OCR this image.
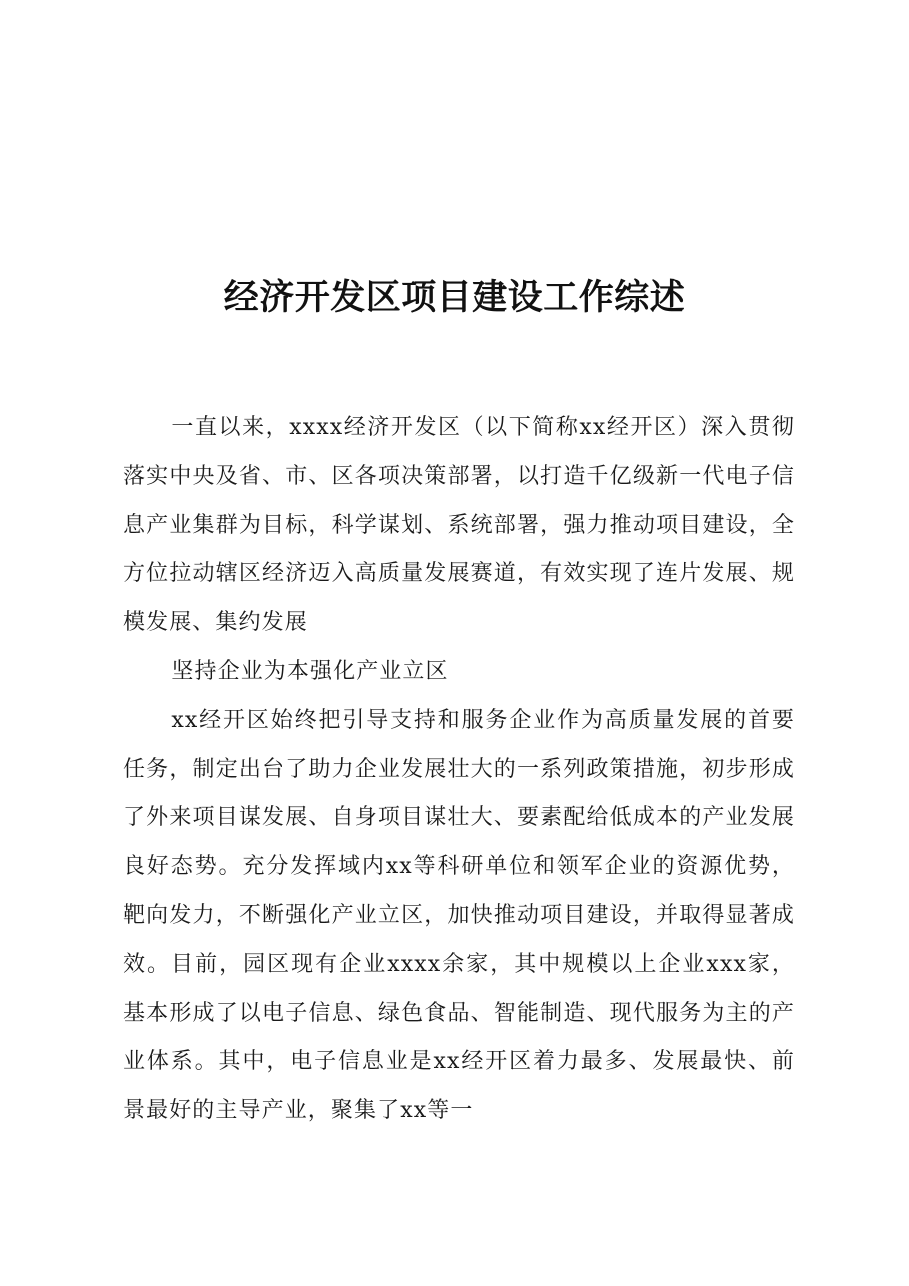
经济开发区项目建设工作综述

一直以来，xxxx经济开发区（以下简称xx经开区）深入贯彻落实中央及省、市、区各项决策部署，以打造千亿级新一代电子信息产业集群为目标，科学谋划、系统部署，强力推动项目建设，全方位拉动辖区经济迈入高质量发展赛道，有效实现了连片发展、规模发展、集约发展

坚持企业为本强化产业立区

xx经开区始终把引导支持和服务企业作为高质量发展的首要任务，制定出台了助力企业发展壮大的一系列政策措施，初步形成了外来项目谋发展、自身项目谋壮大、要素配给低成本的产业发展良好态势。充分发挥域内xx等科研单位和领军企业的资源优势，靶向发力，不断强化产业立区，加快推动项目建设，并取得显著成效。目前，园区现有企业xxxx余家，其中规模以上企业xxx家，基本形成了以电子信息、绿色食品、智能制造、现代服务为主的产业体系。其中，电子信息业是xx经开区着力最多、发展最快、前景最好的主导产业，聚集了xx等一
